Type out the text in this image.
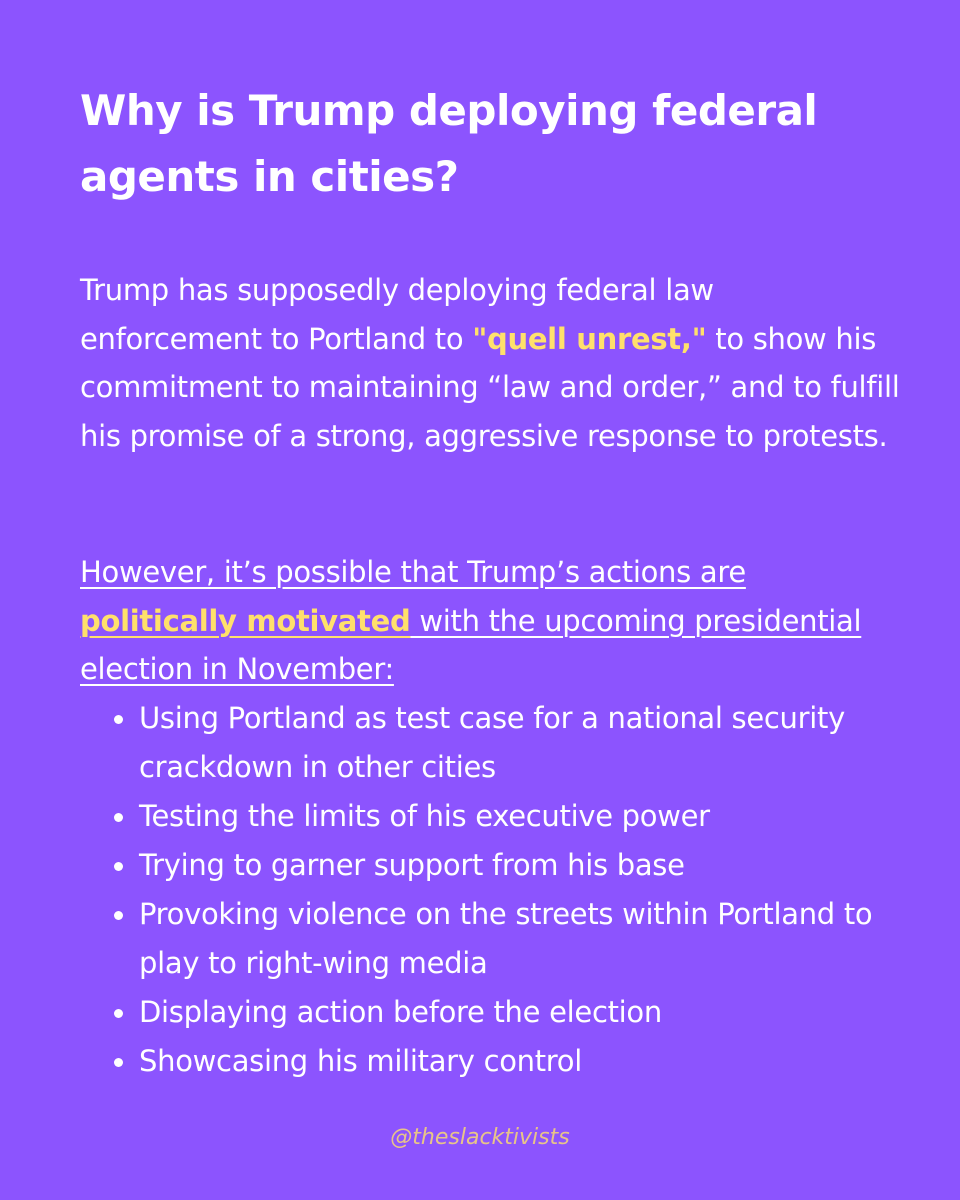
Why is Trump deploying federal agents in cities?

Trump has supposedly deploying federal law enforcement to Portland to "quell unrest," to show his commitment to maintaining “law and order,” and to fulfill his promise of a strong, aggressive response to protests.

However, it’s possible that Trump’s actions are politically motivated with the upcoming presidential election in November:

Using Portland as test case for a national security crackdown in other cities
Testing the limits of his executive power
Trying to garner support from his base
Provoking violence on the streets within Portland to play to right-wing media
Displaying action before the election
Showcasing his military control
@theslacktivists
